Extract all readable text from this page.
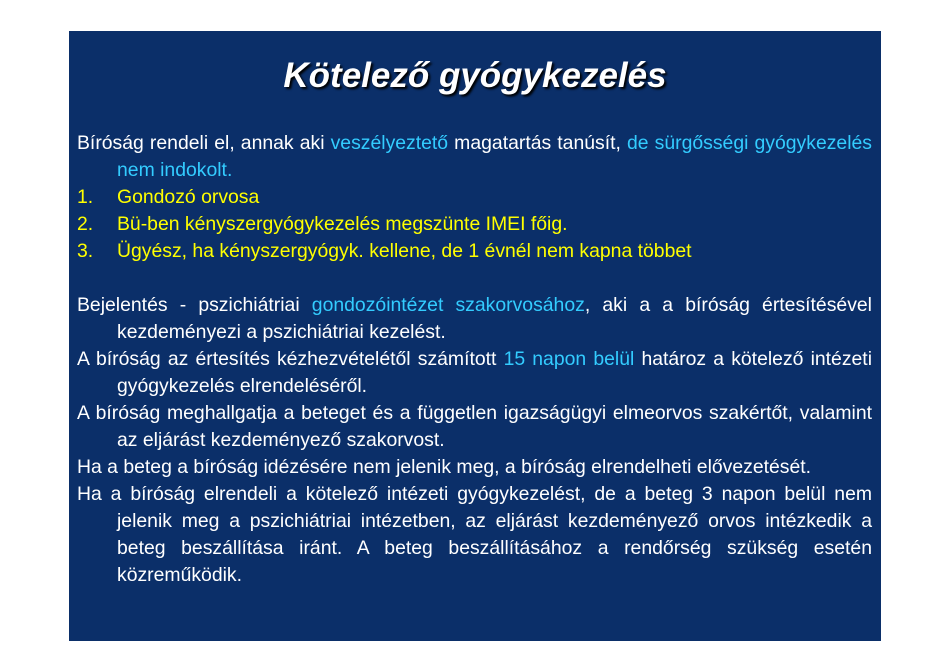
Kötelező gyógykezelés

Bíróság rendeli el, annak aki veszélyeztető magatartás tanúsít, de sürgősségi gyógykezelés nem indokolt.

1.	Gondozó orvosa
2.	Bü-ben kényszergyógykezelés megszünte IMEI főig.
3.	Ügyész, ha kényszergyógyk. kellene, de 1 évnél nem kapna többet

Bejelentés - pszichiátriai gondozóintézet szakorvosához, aki a a bíróság értesítésével kezdeményezi a pszichiátriai kezelést.

A bíróság az értesítés kézhezvételétől számított 15 napon belül határoz a kötelező intézeti gyógykezelés elrendeléséről.

A bíróság meghallgatja a beteget és a független igazságügyi elmeorvos szakértőt, valamint az eljárást kezdeményező szakorvost.

Ha a beteg a bíróság idézésére nem jelenik meg, a bíróság elrendelheti elővezetését.

Ha a bíróság elrendeli a kötelező intézeti gyógykezelést, de a beteg 3 napon belül nem jelenik meg a pszichiátriai intézetben, az eljárást kezdeményező orvos intézkedik a beteg beszállítása iránt. A beteg beszállításához a rendőrség szükség esetén közreműködik.
